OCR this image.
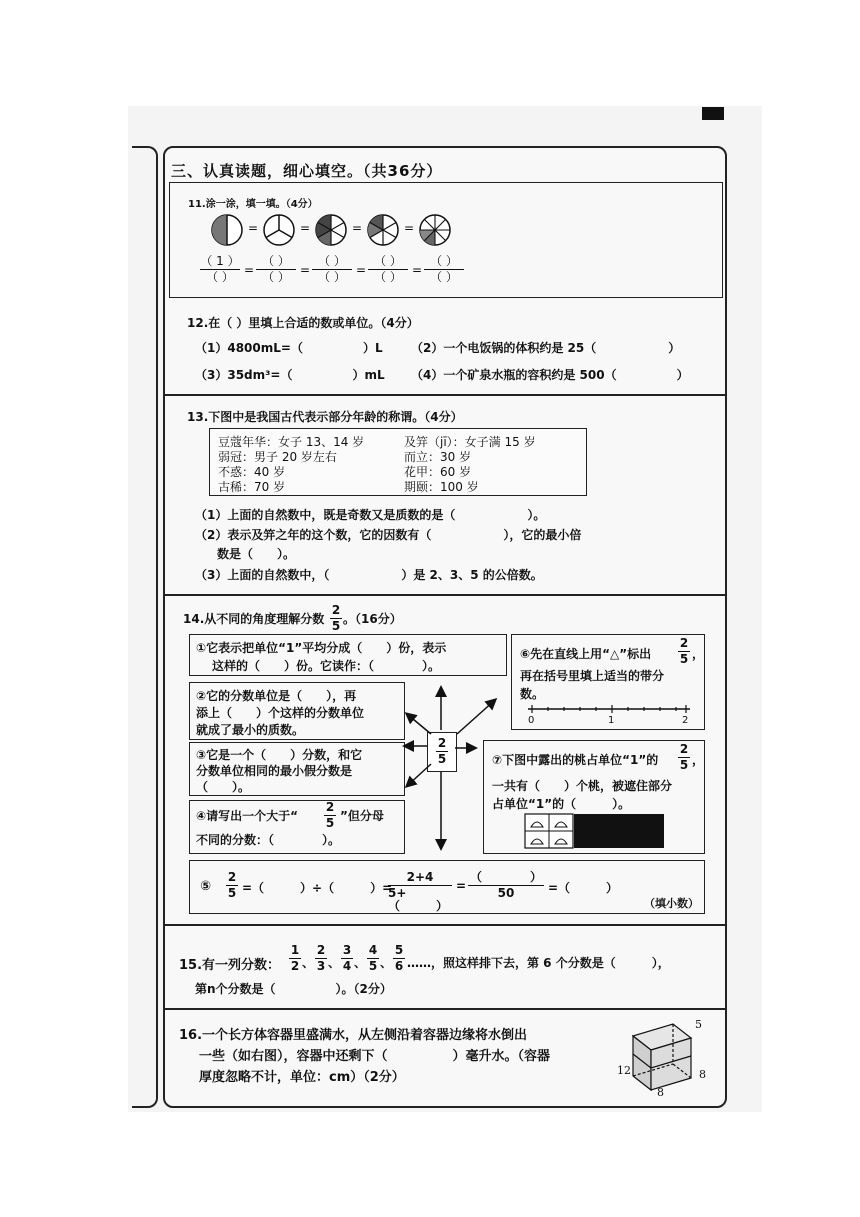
三、认真读题，细心填空。（共36分）
11.涂一涂，填一填。（4分）
=	=	=	=
（ 1 ）
（ ） =
（ ）
（ ） =
（ ）
（ ） =
（ ）
（ ） =
（ ）
（ ）
12.在（ ）里填上合适的数或单位。（4分）
（1）4800mL=（　　　　　）L （2）一个电饭锅的体积约是 25（　　　　　　）
（3）35dm³=（　　　　　）mL （4）一个矿泉水瓶的容积约是 500（　　　　　）
13.下图中是我国古代表示部分年龄的称谓。（4分）
豆蔻年华：女子 13、14 岁	及笄（jī）：女子满 15 岁
弱冠：男子 20 岁左右	而立：30 岁
不惑：40 岁	花甲：60 岁
古稀：70 岁	期颐：100 岁
（1）上面的自然数中，既是奇数又是质数的是（　　　　　　）。
（2）表示及笄之年的这个数，它的因数有（　　　　　　），它的最小倍
数是（　　）。
（3）上面的自然数中，（　　　　　　）是 2、3、5 的公倍数。
14.从不同的角度理解分数
2
5 。（16分）
①它表示把单位“1”平均分成（　　）份，表示
这样的（　　）份。它读作：（　　　　）。
②它的分数单位是（　　），再
添上（　　）个这样的分数单位
就成了最小的质数。
③它是一个（　　）分数，和它
分数单位相同的最小假分数是
（　　）。
④请写出一个大于“
2
5 ”但分母
不同的分数：（　　　　）。
2
5
⑥先在直线上用“△”标出
2
5 ，
再在括号里填上适当的带分
数。
0	1	2
⑦下图中露出的桃占单位“1”的
2
5 ，
一共有（　　）个桃，被遮住部分
占单位“1”的（　　　）。
⑤
2
5 =（　　　）÷（　　　）=
2+4
5+（　　　）
=
（　　　　）
50	=（　　　）
（填小数）
15.有一列分数：
1
2 、
2
3 、
3
4 、
4
5 、
5
6 ……，照这样排下去，第 6 个分数是（　　　），
第n个分数是（　　　　　）。（2分）
16.一个长方体容器里盛满水，从左侧沿着容器边缘将水倒出
一些（如右图），容器中还剩下（　　　　　）毫升水。（容器
厚度忽略不计，单位：cm）（2分）
5
12	8
8
